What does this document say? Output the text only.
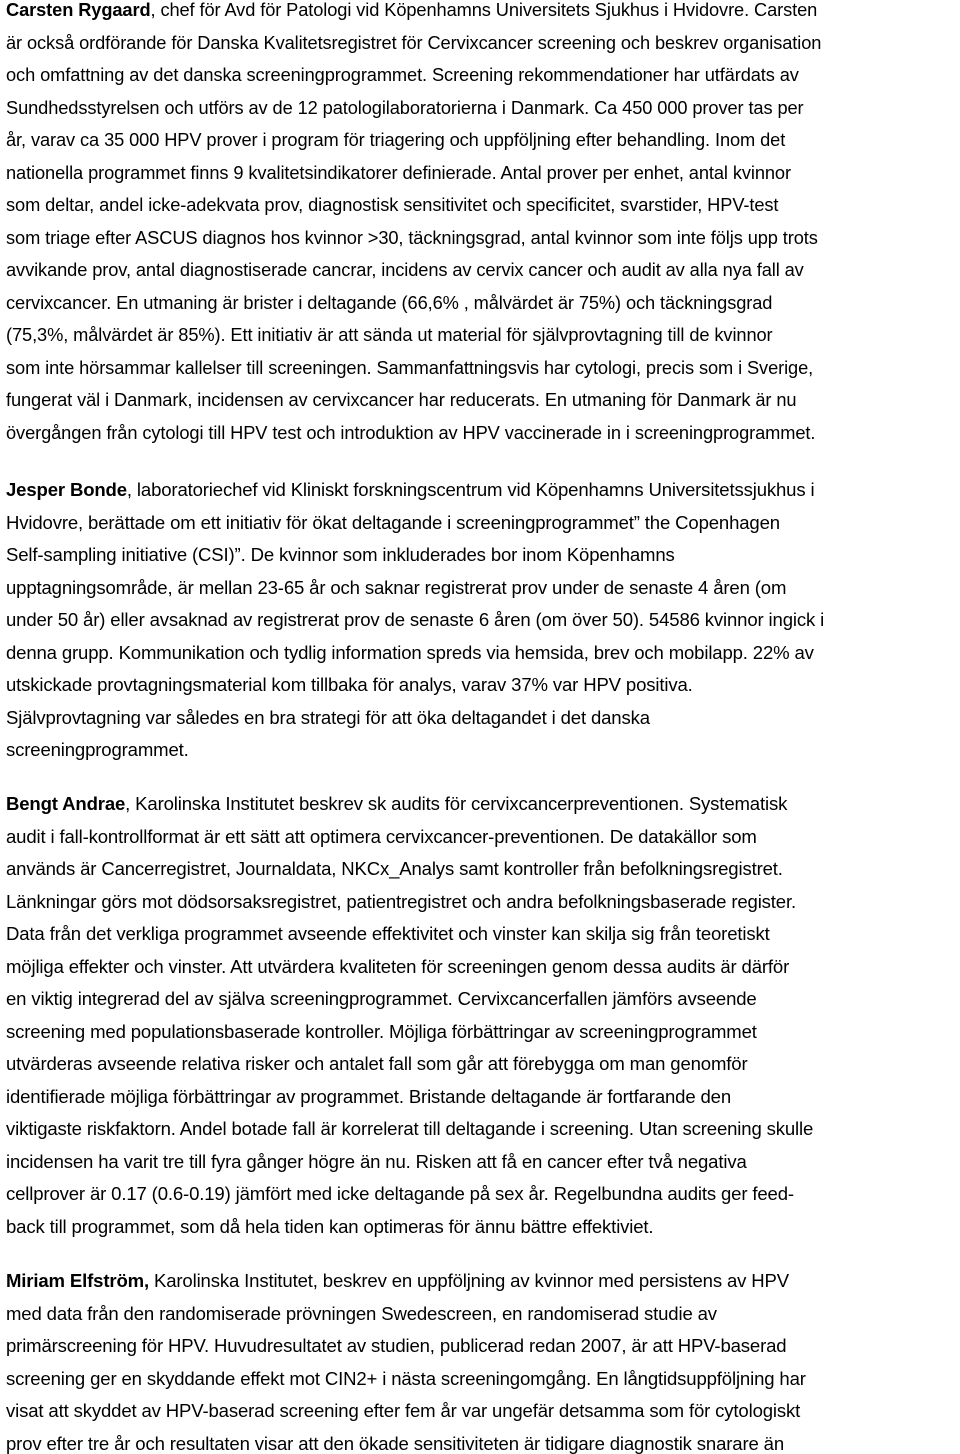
Carsten Rygaard, chef för Avd för Patologi vid Köpenhamns Universitets Sjukhus i Hvidovre. Carsten
är också ordförande för Danska Kvalitetsregistret för Cervixcancer screening och beskrev organisation
och omfattning av det danska screeningprogrammet. Screening rekommendationer har utfärdats av
Sundhedsstyrelsen och utförs av de 12 patologilaboratorierna i Danmark. Ca 450 000 prover tas per
år, varav ca 35 000 HPV prover i program för triagering och uppföljning efter behandling. Inom det
nationella programmet finns 9 kvalitetsindikatorer definierade. Antal prover per enhet, antal kvinnor
som deltar, andel icke-adekvata prov, diagnostisk sensitivitet och specificitet, svarstider, HPV-test
som triage efter ASCUS diagnos hos kvinnor >30, täckningsgrad, antal kvinnor som inte följs upp trots
avvikande prov, antal diagnostiserade cancrar, incidens av cervix cancer och audit av alla nya fall av
cervixcancer. En utmaning är brister i deltagande (66,6% , målvärdet är 75%) och täckningsgrad
(75,3%, målvärdet är 85%). Ett initiativ är att sända ut material för självprovtagning till de kvinnor
som inte hörsammar kallelser till screeningen. Sammanfattningsvis har cytologi, precis som i Sverige,
fungerat väl i Danmark, incidensen av cervixcancer har reducerats. En utmaning för Danmark är nu
övergången från cytologi till HPV test och introduktion av HPV vaccinerade in i screeningprogrammet.
Jesper Bonde, laboratoriechef vid Kliniskt forskningscentrum vid Köpenhamns Universitetssjukhus i
Hvidovre, berättade om ett initiativ för ökat deltagande i screeningprogrammet” the Copenhagen
Self-sampling initiative (CSI)”. De kvinnor som inkluderades bor inom Köpenhamns
upptagningsområde, är mellan 23-65 år och saknar registrerat prov under de senaste 4 åren (om
under 50 år) eller avsaknad av registrerat prov de senaste 6 åren (om över 50). 54586 kvinnor ingick i
denna grupp. Kommunikation och tydlig information spreds via hemsida, brev och mobilapp. 22% av
utskickade provtagningsmaterial kom tillbaka för analys, varav 37% var HPV positiva.
Självprovtagning var således en bra strategi för att öka deltagandet i det danska
screeningprogrammet.
Bengt Andrae, Karolinska Institutet beskrev sk audits för cervixcancerpreventionen. Systematisk
audit i fall-kontrollformat är ett sätt att optimera cervixcancer-preventionen. De datakällor som
används är Cancerregistret, Journaldata, NKCx_Analys samt kontroller från befolkningsregistret.
Länkningar görs mot dödsorsaksregistret, patientregistret och andra befolkningsbaserade register.
Data från det verkliga programmet avseende effektivitet och vinster kan skilja sig från teoretiskt
möjliga effekter och vinster. Att utvärdera kvaliteten för screeningen genom dessa audits är därför
en viktig integrerad del av själva screeningprogrammet. Cervixcancerfallen jämförs avseende
screening med populationsbaserade kontroller. Möjliga förbättringar av screeningprogrammet
utvärderas avseende relativa risker och antalet fall som går att förebygga om man genomför
identifierade möjliga förbättringar av programmet. Bristande deltagande är fortfarande den
viktigaste riskfaktorn. Andel botade fall är korrelerat till deltagande i screening. Utan screening skulle
incidensen ha varit tre till fyra gånger högre än nu. Risken att få en cancer efter två negativa
cellprover är 0.17 (0.6-0.19) jämfört med icke deltagande på sex år. Regelbundna audits ger feed-
back till programmet, som då hela tiden kan optimeras för ännu bättre effektiviet.
Miriam Elfström, Karolinska Institutet, beskrev en uppföljning av kvinnor med persistens av HPV
med data från den randomiserade prövningen Swedescreen, en randomiserad studie av
primärscreening för HPV. Huvudresultatet av studien, publicerad redan 2007, är att HPV-baserad
screening ger en skyddande effekt mot CIN2+ i nästa screeningomgång. En långtidsuppföljning har
visat att skyddet av HPV-baserad screening efter fem år var ungefär detsamma som för cytologiskt
prov efter tre år och resultaten visar att den ökade sensitiviteten är tidigare diagnostik snarare än
